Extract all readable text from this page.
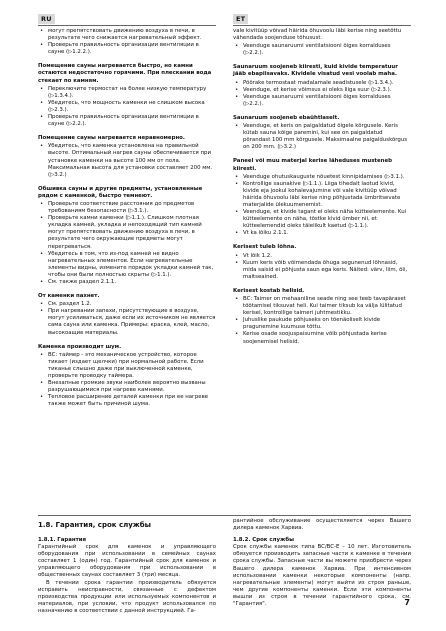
RU	ET
• могут препятствовать движению воздуха в печи, в результате чего снижается нагревательный эффект.
• Проверьте правильность организации вентиляции в сауне (▷1.2.2.).

Помещение сауны нагревается быстро, но камни остаются недостаточно горячими. При плескании вода стекает по камням.

• Переключите термостат на более низкую температуру (▷1.3.4.).
• Убедитесь, что мощность каменки не слишком высока (▷2.3.).
• Проверьте правильность организации вентиляции в сауне (▷2.2.).

Помещение сауны нагревается неравномерно.

• Убедитесь, что каменка установлена на правильной высоте. Оптимальный нагрев сауны обеспечивается при установке каменки на высоте 100 мм от пола. Максимальная высота для установки составляет 200 мм. (▷3.2.)

Обшивка сауны и другие предметы, установленные рядом с каменкой, быстро темнеют.

• Проверьте соответствие расстояния до предметов требованиям безопасности (▷3.1.).
• Проверьте камни каменки (▷1.1.). Слишком плотная укладка камней, укладка и непоходящий тип камней могут препятствовать движению воздуха в печи, в результате чего окружающие предметы могут перегреваться.
• Убедитесь в том, что из-под камней не видно нагревательных элементов. Если нагревательные элементы видны, измените порядок укладки камней так, чтобы они были полностью скрыты (▷1.1.).
• См. также раздел 2.1.1.

От каменки пахнет.

• См. раздел 1.2.
• При нагревании запахи, присутствующие в воздухе, могут усиливаться, даже если их источником не является сама сауна или каменка. Примеры: краска, клей, масло, высокоащие материалы.

Каменка производит шум.

• BC: таймер - это механическое устройство, которое тикает (издает щелчки) при нормальной работе. Если тиканье слышно даже при выключенной каменке, проверьте проводку таймера.
• Внезапные громкие звуки наиболее вероятно вызваны разрушающимися при нагреве камнями.
• Тепловое расширение деталей каменки при ее нагреве также может быть причиной шума.

vale kivitüüp võivad häirida õhuvoolu läbi kerise ning seetõttu vähendada soojenduse tõhusust.

• Veenduge saunaruumi ventilatsiooni õiges korralduses (▷2.2.).

Saunaruum soojeneb kiiresti, kuid kivide temperatuur jääb ebapiisavaks. Kividele visatud vesi voolab maha.

• Pöörake termostaat madalamale seadistusele (▷1.3.4.).
• Veenduge, et kerise võimsus ei oleks liiga suur (▷2.3.).
• Veenduge saunaruumi ventilatsiooni õiges korralduses (▷2.2.).

Saunaruum soojeneb ebaühtlaselt.

• Veenduge, et keris on paigaldatud õigele kõrgusele. Keris kütab sauna kõige paremini, kui see on paigaldatud põrandast 100 mm kõrgusele. Maksimaalne paigalduskõrgus on 200 mm. (▷3.2.)

Paneel või muu materjal kerise läheduses musteneb kiiresti.

• Veenduge ohutuskauguste nõuetest kinnipidamises (▷3.1.).
• Kontrollige saunakive (▷1.1.). Liiga tihedalt laotud kivid, kivide eja jookul kohalevajumine või vale kivitüüp võivad häirida õhuvoolu läbi kerise ning põhjustada ümbritsevate materjalide ülekuumenemist.
• Veenduge, et kivide tagant ei oleks näha kütteelemente. Kui kütteelemente on näha, tõstke kivid ümber nii, et kütteelemendid oleks täielikult kaetud (▷1.1.).
• Vt ka lõiku 2.1.1.

Kerisest tuleb lõhna.

• Vt lõik 1.2.
• Kuum keris võib võimendada õhuga segunenud lõhnasid, mida saisid ei põhjusta saun ega keris. Näited: värv, liim, õli, maitseained.

Kerisest kostab helisid.

• BC: Taimer on mehaaniline seade ning see teeb tavapäraset töötamisel tiksuvat heli. Kui taimer tiksub ka välja lülitatud kerisel, kontrollige taimeri juhtmestikku.
• Juhuslike paukude põhjuseks on tõenäoliselt kivide pragunemine kuumuse tõttu.
• Kerise osade soojuspaisumine võib põhjustada kerise soojenemisel helisid.
1.8. Гарантия, срок службы

1.8.1. Гарантия

Гарантийный срок для каменок и управляющего оборудования при использовании в семейных саунах составляет 1 (один) год. Гарантийный срок для каменок и управляющего оборудования при использовании в общественных саунах составляет 3 (три) месяца.

В течении срока гарантии производитель обязуется исправить неисправности, связанные с дефектом производства продукции или используемых компонентов и материалов, при условии, что продукт использовался по назначению в соответствии с данной инструкцией. Га-

рантийное обслуживание осуществляется через Вашего дилера каменок Харвиа.

1.8.2. Срок службы

Срок службы каменок типа BC/BC-E – 10 лет. Изготовитель обязуется производить запасные части к каменке в течении срока службы. Запасные части вы можете приобрести через Вашего дилера каменок Харвиа. При интенсивном использовании каменки некоторые компоненты (напр. нагревательные элементы) могут выйти из строя раньше, чем другие компоненты каменки. Если эти компоненты вышли из строя в течении гарантийного срока, см. "Гарантия".	7
